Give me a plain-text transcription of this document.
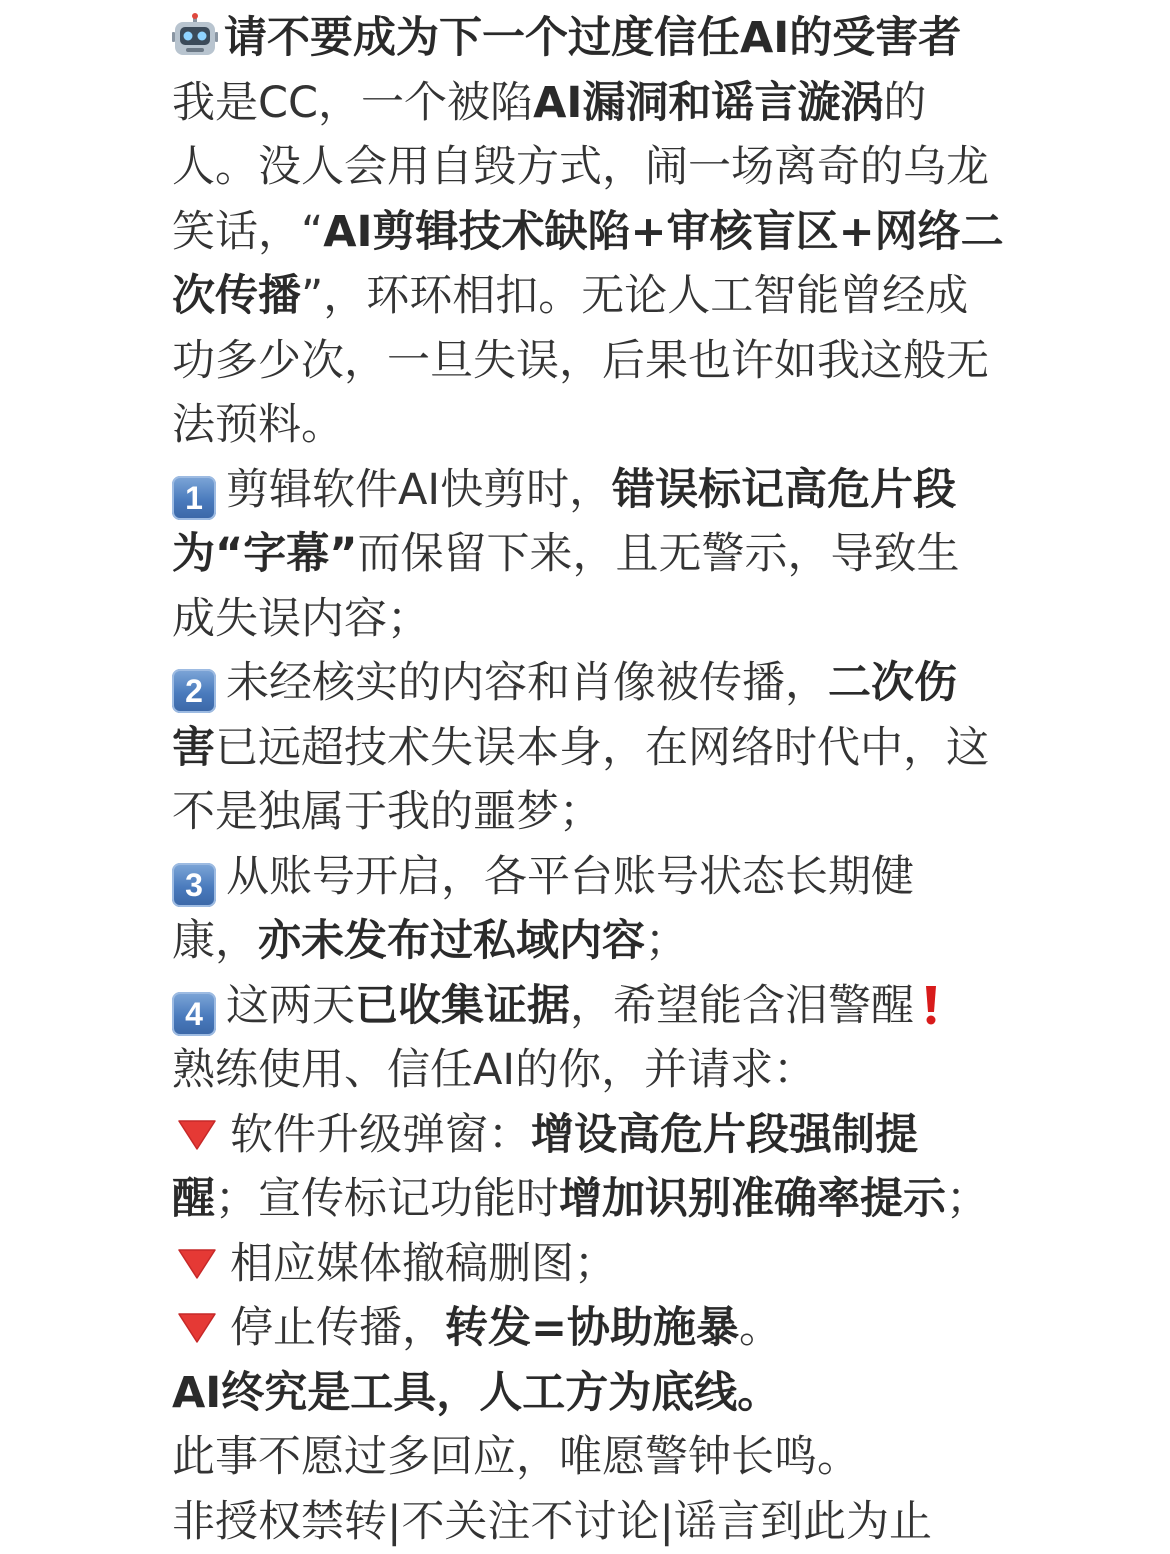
请不要成为下一个过度信任AI的受害者
我是CC，一个被陷AI漏洞和谣言漩涡的
人。没人会用自毁方式，闹一场离奇的乌龙
笑话，“AI剪辑技术缺陷+审核盲区+网络二
次传播”，环环相扣。无论人工智能曾经成
功多少次，一旦失误，后果也许如我这般无
法预料。
1 剪辑软件AI快剪时，错误标记高危片段
为“字幕”而保留下来，且无警示，导致生
成失误内容；
2 未经核实的内容和肖像被传播，二次伤
害已远超技术失误本身，在网络时代中，这
不是独属于我的噩梦；
3 从账号开启，各平台账号状态长期健
康，亦未发布过私域内容；
4 这两天已收集证据，希望能含泪警醒
熟练使用、信任AI的你，并请求：
软件升级弹窗：增设高危片段强制提
醒；宣传标记功能时增加识别准确率提示；
相应媒体撤稿删图；
停止传播，转发=协助施暴。
AI终究是工具，人工方为底线。
此事不愿过多回应，唯愿警钟长鸣。
非授权禁转|不关注不讨论|谣言到此为止
